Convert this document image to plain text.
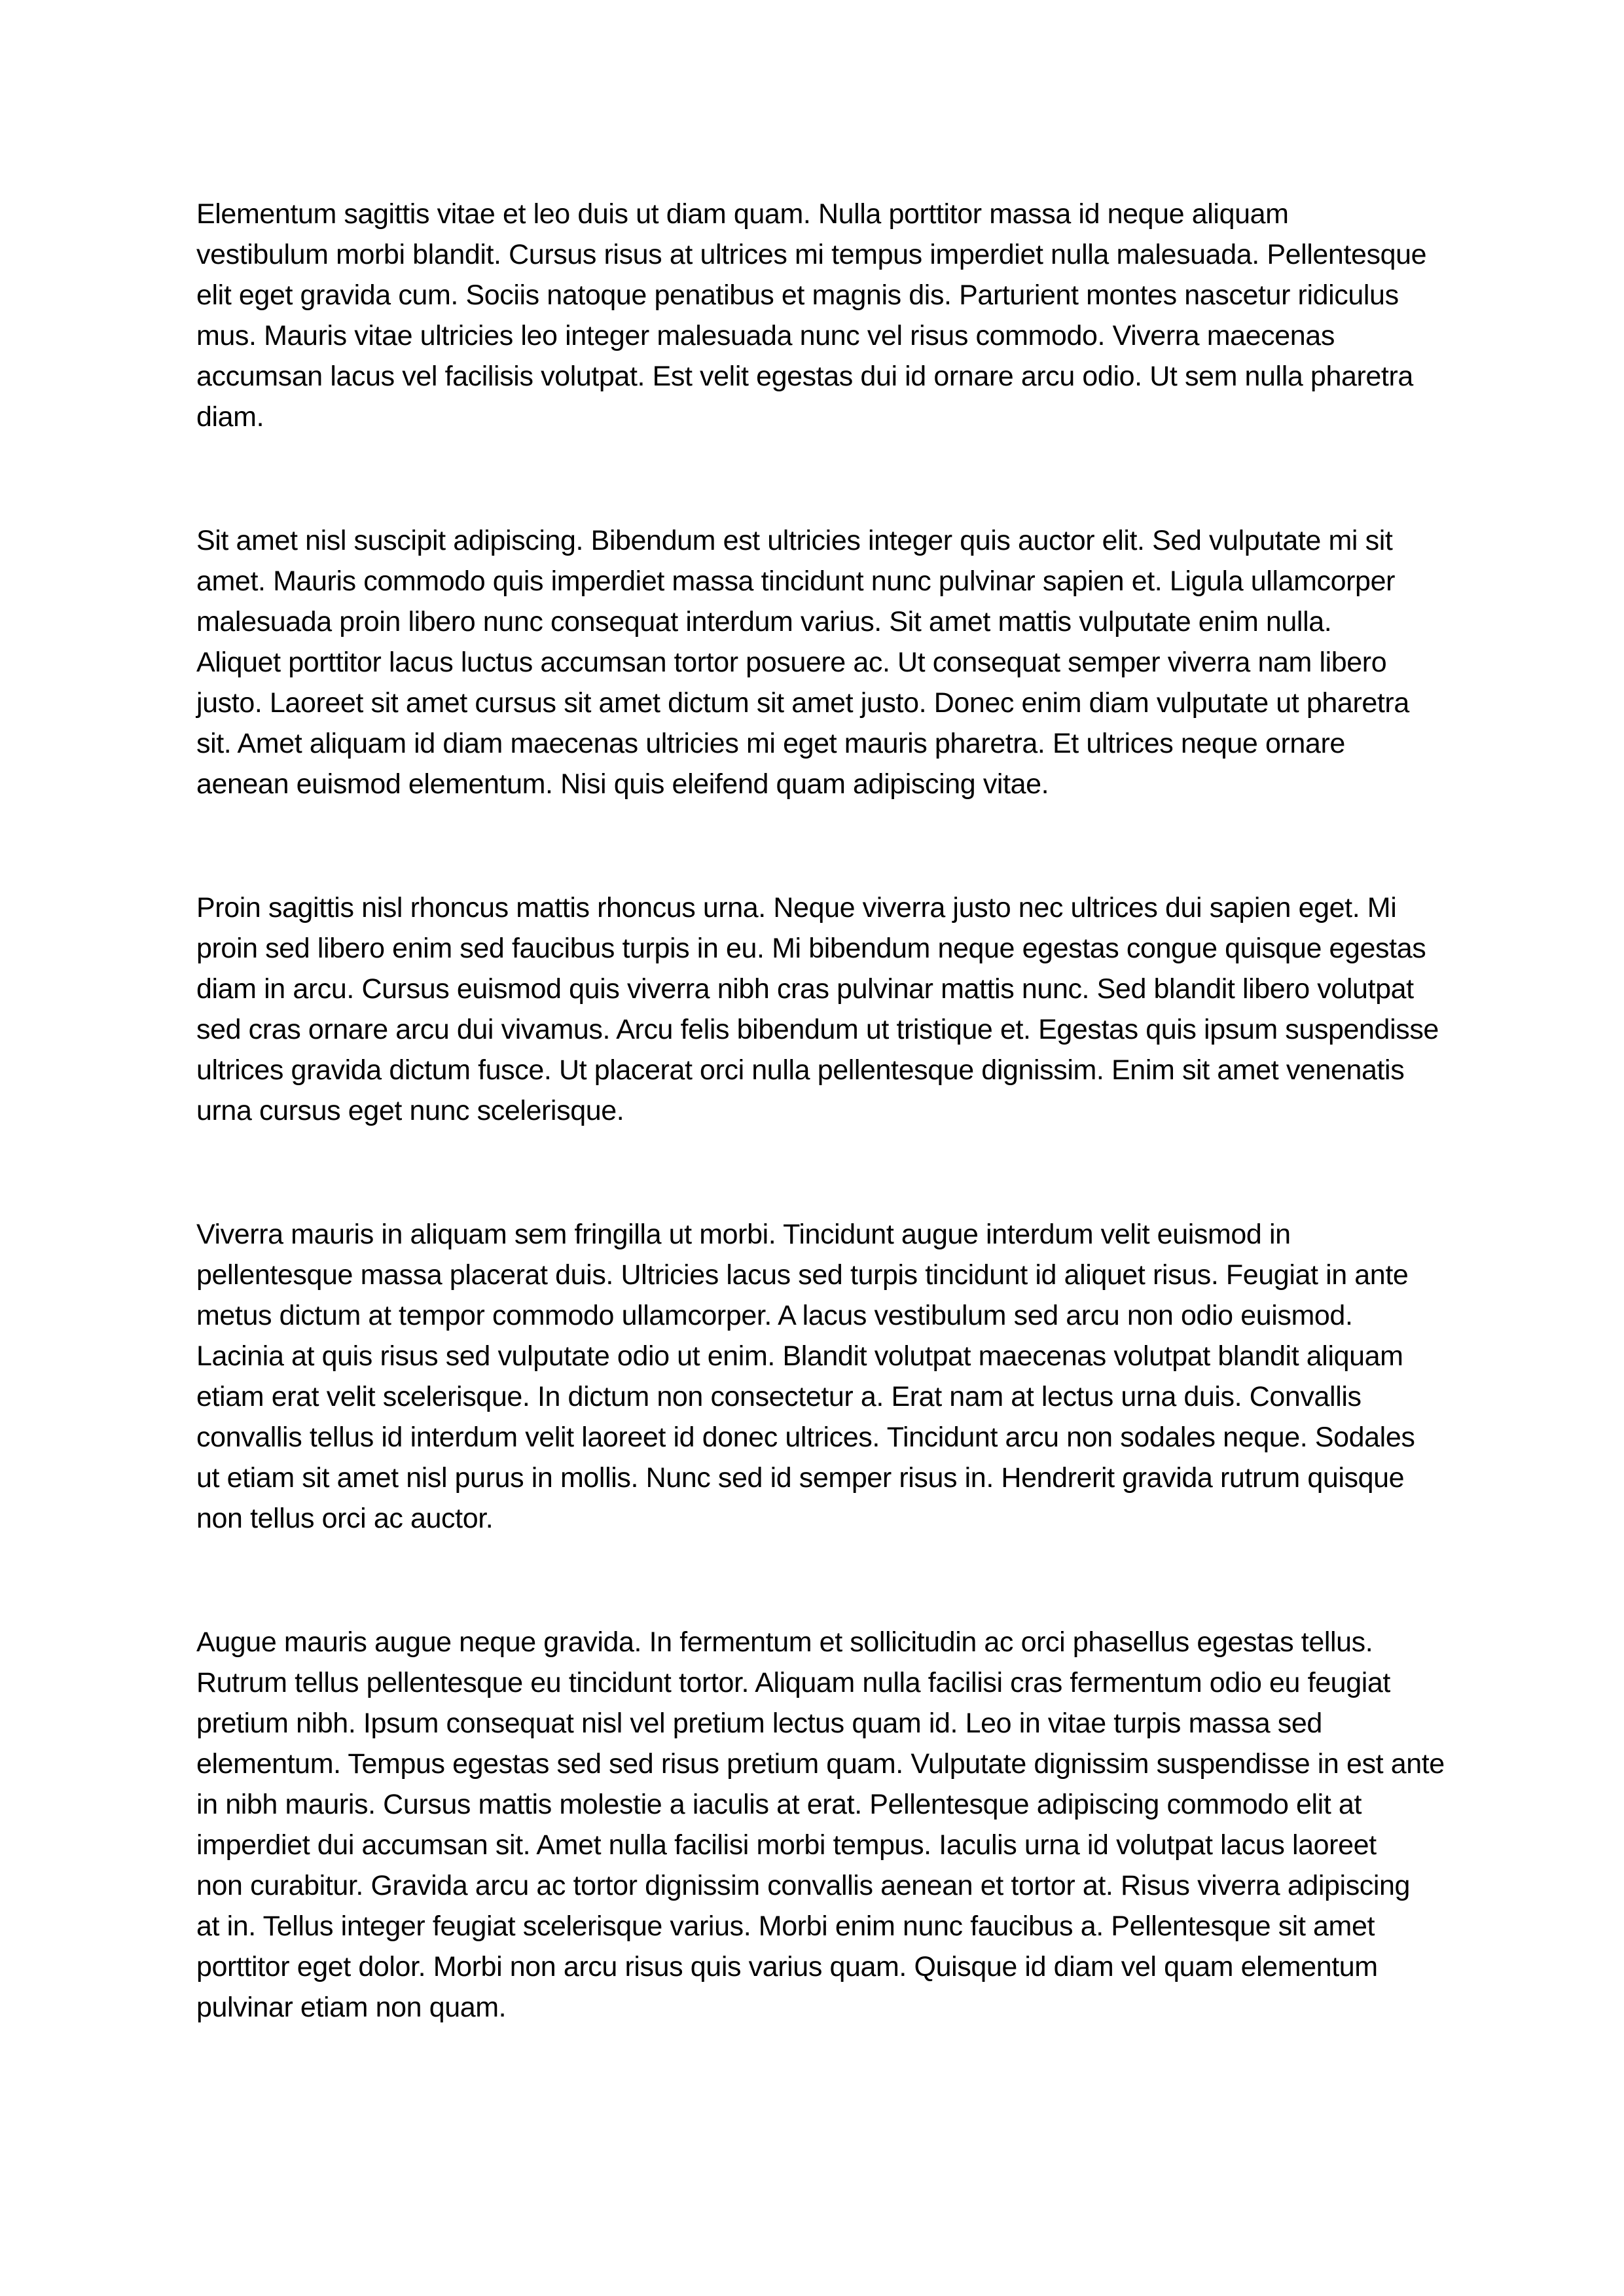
Elementum sagittis vitae et leo duis ut diam quam. Nulla porttitor massa id neque aliquam
vestibulum morbi blandit. Cursus risus at ultrices mi tempus imperdiet nulla malesuada. Pellentesque
elit eget gravida cum. Sociis natoque penatibus et magnis dis. Parturient montes nascetur ridiculus
mus. Mauris vitae ultricies leo integer malesuada nunc vel risus commodo. Viverra maecenas
accumsan lacus vel facilisis volutpat. Est velit egestas dui id ornare arcu odio. Ut sem nulla pharetra
diam.

Sit amet nisl suscipit adipiscing. Bibendum est ultricies integer quis auctor elit. Sed vulputate mi sit
amet. Mauris commodo quis imperdiet massa tincidunt nunc pulvinar sapien et. Ligula ullamcorper
malesuada proin libero nunc consequat interdum varius. Sit amet mattis vulputate enim nulla.
Aliquet porttitor lacus luctus accumsan tortor posuere ac. Ut consequat semper viverra nam libero
justo. Laoreet sit amet cursus sit amet dictum sit amet justo. Donec enim diam vulputate ut pharetra
sit. Amet aliquam id diam maecenas ultricies mi eget mauris pharetra. Et ultrices neque ornare
aenean euismod elementum. Nisi quis eleifend quam adipiscing vitae.

Proin sagittis nisl rhoncus mattis rhoncus urna. Neque viverra justo nec ultrices dui sapien eget. Mi
proin sed libero enim sed faucibus turpis in eu. Mi bibendum neque egestas congue quisque egestas
diam in arcu. Cursus euismod quis viverra nibh cras pulvinar mattis nunc. Sed blandit libero volutpat
sed cras ornare arcu dui vivamus. Arcu felis bibendum ut tristique et. Egestas quis ipsum suspendisse
ultrices gravida dictum fusce. Ut placerat orci nulla pellentesque dignissim. Enim sit amet venenatis
urna cursus eget nunc scelerisque.

Viverra mauris in aliquam sem fringilla ut morbi. Tincidunt augue interdum velit euismod in
pellentesque massa placerat duis. Ultricies lacus sed turpis tincidunt id aliquet risus. Feugiat in ante
metus dictum at tempor commodo ullamcorper. A lacus vestibulum sed arcu non odio euismod.
Lacinia at quis risus sed vulputate odio ut enim. Blandit volutpat maecenas volutpat blandit aliquam
etiam erat velit scelerisque. In dictum non consectetur a. Erat nam at lectus urna duis. Convallis
convallis tellus id interdum velit laoreet id donec ultrices. Tincidunt arcu non sodales neque. Sodales
ut etiam sit amet nisl purus in mollis. Nunc sed id semper risus in. Hendrerit gravida rutrum quisque
non tellus orci ac auctor.

Augue mauris augue neque gravida. In fermentum et sollicitudin ac orci phasellus egestas tellus.
Rutrum tellus pellentesque eu tincidunt tortor. Aliquam nulla facilisi cras fermentum odio eu feugiat
pretium nibh. Ipsum consequat nisl vel pretium lectus quam id. Leo in vitae turpis massa sed
elementum. Tempus egestas sed sed risus pretium quam. Vulputate dignissim suspendisse in est ante
in nibh mauris. Cursus mattis molestie a iaculis at erat. Pellentesque adipiscing commodo elit at
imperdiet dui accumsan sit. Amet nulla facilisi morbi tempus. Iaculis urna id volutpat lacus laoreet
non curabitur. Gravida arcu ac tortor dignissim convallis aenean et tortor at. Risus viverra adipiscing
at in. Tellus integer feugiat scelerisque varius. Morbi enim nunc faucibus a. Pellentesque sit amet
porttitor eget dolor. Morbi non arcu risus quis varius quam. Quisque id diam vel quam elementum
pulvinar etiam non quam.
